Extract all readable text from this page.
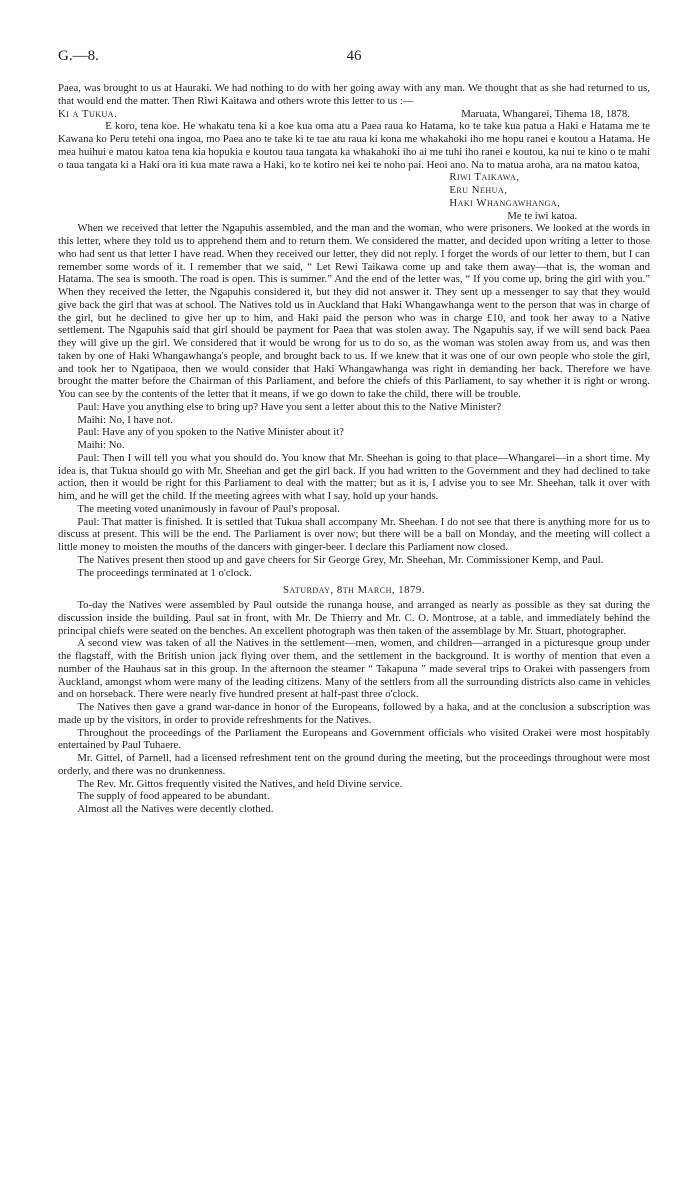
G.—8.	46

Paea, was brought to us at Hauraki. We had nothing to do with her going away with any man. We thought that as she had returned to us, that would end the matter. Then Riwi Kaitawa and others wrote this letter to us :—

Ki a Tukua.	Maruata, Whangarei, Tihema 18, 1878.

E koro, tena koe. He whakatu tena ki a koe kua oma atu a Paea raua ko Hatama, ko te take kua patua a Haki e Hatama me te Kawana ko Peru tetehi ona ingoa, mo Paea ano te take ki te tae atu raua ki kona me whakahoki iho me hopu ranei e koutou a Hatama. He mea huihui e matou katoa tena kia hopukia e koutou taua tangata ka whakahoki iho ai me tuhi iho ranei e koutou, ka nui te kino o te mahi o taua tangata ki a Haki ora iti kua mate rawa a Haki, ko te kotiro nei kei te noho pai. Heoi ano. Na to matua aroha, ara na matou katoa,

Riwi Taikawa,

Eru Nehua,

Haki Whangawhanga,

Me te iwi katoa.

When we received that letter the Ngapuhis assembled, and the man and the woman, who were prisoners. We looked at the words in this letter, where they told us to apprehend them and to return them. We considered the matter, and decided upon writing a letter to those who had sent us that letter I have read. When they received our letter, they did not reply. I forget the words of our letter to them, but I can remember some words of it. I remember that we said, “ Let Rewi Taikawa come up and take them away—that is, the woman and Hatama. The sea is smooth. The road is open. This is summer.” And the end of the letter was, “ If you come up, bring the girl with you.” When they received the letter, the Ngapuhis considered it, but they did not answer it. They sent up a messenger to say that they would give back the girl that was at school. The Natives told us in Auckland that Haki Whangawhanga went to the person that was in charge of the girl, but he declined to give her up to him, and Haki paid the person who was in charge £10, and took her away to a Native settlement. The Ngapuhis said that girl should be payment for Paea that was stolen away. The Ngapuhis say, if we will send back Paea they will give up the girl. We considered that it would be wrong for us to do so, as the woman was stolen away from us, and was then taken by one of Haki Whangawhanga's people, and brought back to us. If we knew that it was one of our own people who stole the girl, and took her to Ngatipaoa, then we would consider that Haki Whangawhanga was right in demanding her back. Therefore we have brought the matter before the Chairman of this Parliament, and before the chiefs of this Parliament, to say whether it is right or wrong. You can see by the contents of the letter that it means, if we go down to take the child, there will be trouble.

Paul: Have you anything else to bring up? Have you sent a letter about this to the Native Minister?

Maihi: No, I have not.

Paul: Have any of you spoken to the Native Minister about it?

Maihi: No.

Paul: Then I will tell you what you should do. You know that Mr. Sheehan is going to that place—Whangarei—in a short time. My idea is, that Tukua should go with Mr. Sheehan and get the girl back. If you had written to the Government and they had declined to take action, then it would be right for this Parliament to deal with the matter; but as it is, I advise you to see Mr. Sheehan, talk it over with him, and he will get the child. If the meeting agrees with what I say, hold up your hands.

The meeting voted unanimously in favour of Paul's proposal.

Paul: That matter is finished. It is settled that Tukua shall accompany Mr. Sheehan. I do not see that there is anything more for us to discuss at present. This will be the end. The Parliament is over now; but there will be a ball on Monday, and the meeting will collect a little money to moisten the mouths of the dancers with ginger-beer. I declare this Parliament now closed.

The Natives present then stood up and gave cheers for Sir George Grey, Mr. Sheehan, Mr. Commissioner Kemp, and Paul.

The proceedings terminated at 1 o'clock.

Saturday, 8th March, 1879.

To-day the Natives were assembled by Paul outside the runanga house, and arranged as nearly as possible as they sat during the discussion inside the building. Paul sat in front, with Mr. De Thierry and Mr. C. O. Montrose, at a table, and immediately behind the principal chiefs were seated on the benches. An excellent photograph was then taken of the assemblage by Mr. Stuart, photographer.

A second view was taken of all the Natives in the settlement—men, women, and children—arranged in a picturesque group under the flagstaff, with the British union jack flying over them, and the settlement in the background. It is worthy of mention that even a number of the Hauhaus sat in this group. In the afternoon the steamer “ Takapuna ” made several trips to Orakei with passengers from Auckland, amongst whom were many of the leading citizens. Many of the settlers from all the surrounding districts also came in vehicles and on horseback. There were nearly five hundred present at half-past three o'clock.

The Natives then gave a grand war-dance in honor of the Europeans, followed by a haka, and at the conclusion a subscription was made up by the visitors, in order to provide refreshments for the Natives.

Throughout the proceedings of the Parliament the Europeans and Government officials who visited Orakei were most hospitably entertained by Paul Tuhaere.

Mr. Gittel, of Parnell, had a licensed refreshment tent on the ground during the meeting, but the proceedings throughout were most orderly, and there was no drunkenness.

The Rev. Mr. Gittos frequently visited the Natives, and held Divine service.

The supply of food appeared to be abundant.

Almost all the Natives were decently clothed.
